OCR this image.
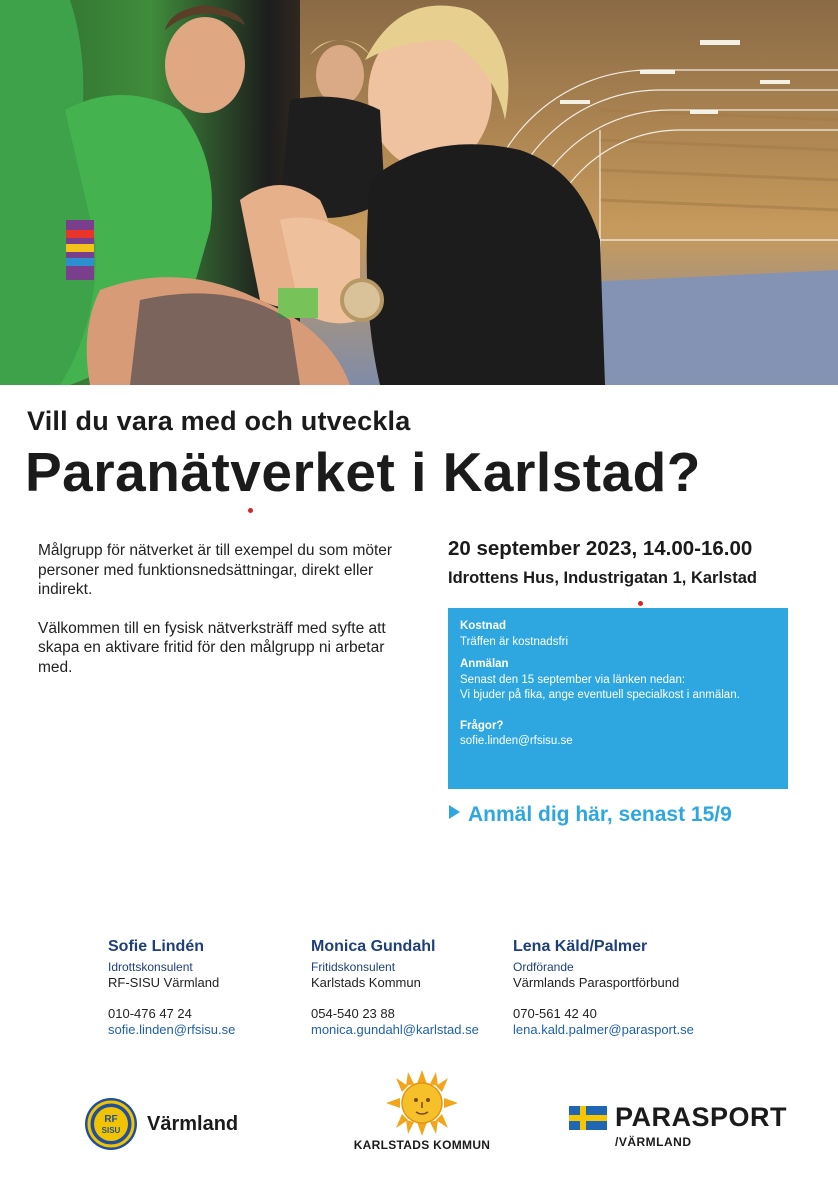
Vill du vara med och utveckla
Paranätverket i Karlstad?

Målgrupp för nätverket är till exempel du som möter personer med funktionsnedsättningar, direkt eller indirekt.

Välkommen till en fysisk nätverksträff med syfte att skapa en aktivare fritid för den målgrupp ni arbetar med.

20 september 2023, 14.00-16.00
Idrottens Hus, Industrigatan 1, Karlstad
Kostnad
Träffen är kostnadsfri
Anmälan
Senast den 15 september via länken nedan:
Vi bjuder på fika, ange eventuell specialkost i anmälan.
Frågor?
sofie.linden@rfsisu.se
Anmäl dig här, senast 15/9
Sofie Lindén
Idrottskonsulent
RF-SISU Värmland
010-476 47 24
sofie.linden@rfsisu.se
Monica Gundahl
Fritidskonsulent
Karlstads Kommun
054-540 23 88
monica.gundahl@karlstad.se
Lena Käld/Palmer
Ordförande
Värmlands Parasportförbund
070-561 42 40
lena.kald.palmer@parasport.se
RF
SISU Värmland
KARLSTADS KOMMUN
PARASPORT
/VÄRMLAND
